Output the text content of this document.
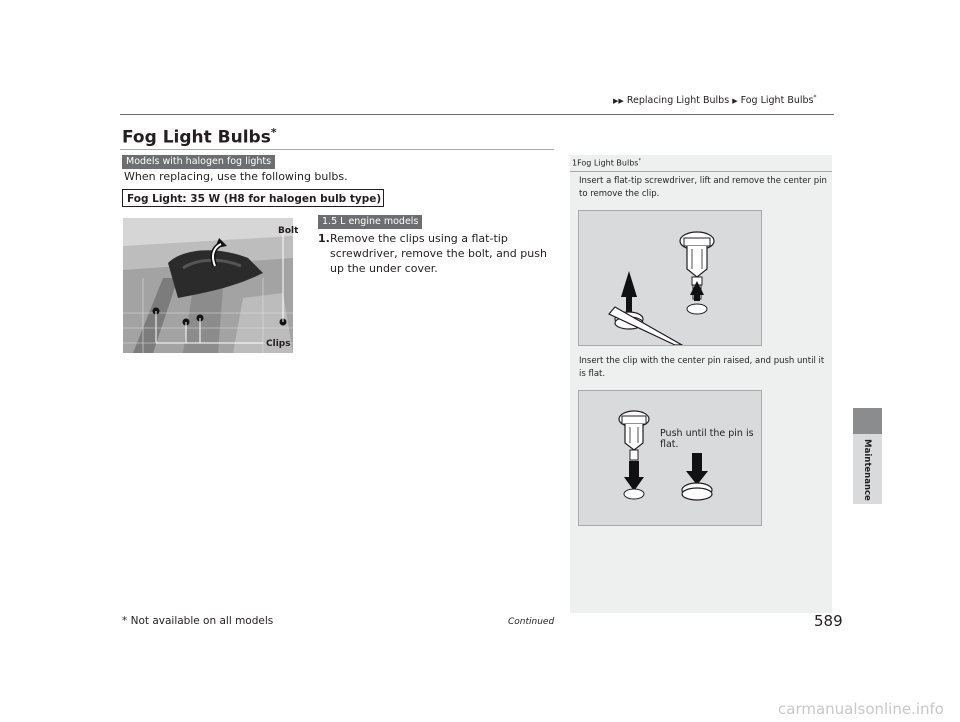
▶▶ Replacing Light Bulbs ▶ Fog Light Bulbs*
Fog Light Bulbs*
Models with halogen fog lights
When replacing, use the following bulbs.
Fog Light: 35 W (H8 for halogen bulb type)
1.5 L engine models
1. Remove the clips using a flat-tip screwdriver, remove the bolt, and push up the under cover.
Bolt
Clips
1Fog Light Bulbs*
Insert a flat-tip screwdriver, lift and remove the center pin to remove the clip.
Insert the clip with the center pin raised, and push until it is flat.
Push until the pin is flat.	Maintenance
* Not available on all models	Continued	589
carmanualsonline.info
